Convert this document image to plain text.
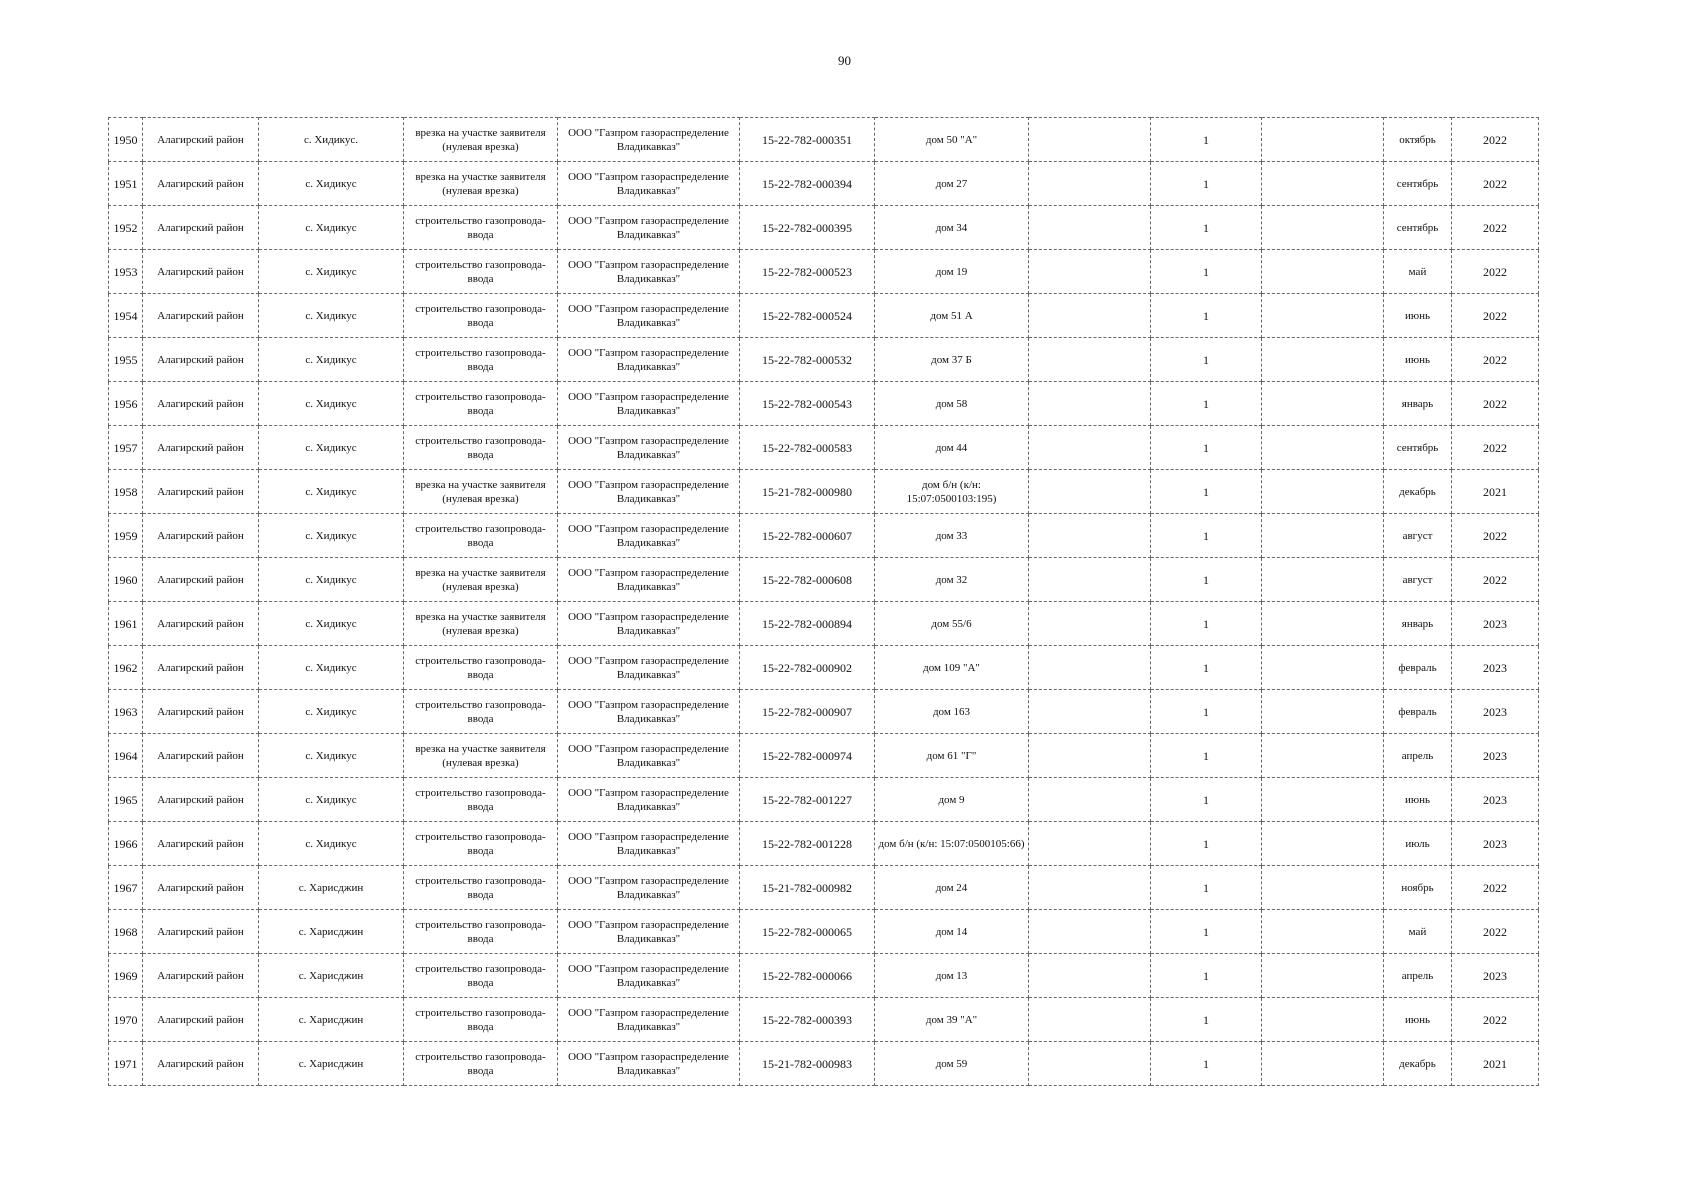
90
1950	Алагирский район	с. Хидикус.	врезка на участке заявителя (нулевая врезка)	ООО "Газпром газораспределение Владикавказ"	15-22-782-000351	дом 50 "А"		1		октябрь	2022
1951	Алагирский район	с. Хидикус	врезка на участке заявителя (нулевая врезка)	ООО "Газпром газораспределение Владикавказ"	15-22-782-000394	дом 27		1		сентябрь	2022
1952	Алагирский район	с. Хидикус	строительство газопровода-ввода	ООО "Газпром газораспределение Владикавказ"	15-22-782-000395	дом 34		1		сентябрь	2022
1953	Алагирский район	с. Хидикус	строительство газопровода-ввода	ООО "Газпром газораспределение Владикавказ"	15-22-782-000523	дом 19		1		май	2022
1954	Алагирский район	с. Хидикус	строительство газопровода-ввода	ООО "Газпром газораспределение Владикавказ"	15-22-782-000524	дом 51 А		1		июнь	2022
1955	Алагирский район	с. Хидикус	строительство газопровода-ввода	ООО "Газпром газораспределение Владикавказ"	15-22-782-000532	дом 37 Б		1		июнь	2022
1956	Алагирский район	с. Хидикус	строительство газопровода-ввода	ООО "Газпром газораспределение Владикавказ"	15-22-782-000543	дом 58		1		январь	2022
1957	Алагирский район	с. Хидикус	строительство газопровода-ввода	ООО "Газпром газораспределение Владикавказ"	15-22-782-000583	дом 44		1		сентябрь	2022
1958	Алагирский район	с. Хидикус	врезка на участке заявителя (нулевая врезка)	ООО "Газпром газораспределение Владикавказ"	15-21-782-000980	дом б/н (к/н: 15:07:0500103:195)		1		декабрь	2021
1959	Алагирский район	с. Хидикус	строительство газопровода-ввода	ООО "Газпром газораспределение Владикавказ"	15-22-782-000607	дом 33		1		август	2022
1960	Алагирский район	с. Хидикус	врезка на участке заявителя (нулевая врезка)	ООО "Газпром газораспределение Владикавказ"	15-22-782-000608	дом 32		1		август	2022
1961	Алагирский район	с. Хидикус	врезка на участке заявителя (нулевая врезка)	ООО "Газпром газораспределение Владикавказ"	15-22-782-000894	дом 55/6		1		январь	2023
1962	Алагирский район	с. Хидикус	строительство газопровода-ввода	ООО "Газпром газораспределение Владикавказ"	15-22-782-000902	дом 109 "А"		1		февраль	2023
1963	Алагирский район	с. Хидикус	строительство газопровода-ввода	ООО "Газпром газораспределение Владикавказ"	15-22-782-000907	дом 163		1		февраль	2023
1964	Алагирский район	с. Хидикус	врезка на участке заявителя (нулевая врезка)	ООО "Газпром газораспределение Владикавказ"	15-22-782-000974	дом 61 "Г"		1		апрель	2023
1965	Алагирский район	с. Хидикус	строительство газопровода-ввода	ООО "Газпром газораспределение Владикавказ"	15-22-782-001227	дом 9		1		июнь	2023
1966	Алагирский район	с. Хидикус	строительство газопровода-ввода	ООО "Газпром газораспределение Владикавказ"	15-22-782-001228	дом б/н (к/н: 15:07:0500105:66)		1		июль	2023
1967	Алагирский район	с. Харисджин	строительство газопровода-ввода	ООО "Газпром газораспределение Владикавказ"	15-21-782-000982	дом 24		1		ноябрь	2022
1968	Алагирский район	с. Харисджин	строительство газопровода-ввода	ООО "Газпром газораспределение Владикавказ"	15-22-782-000065	дом 14		1		май	2022
1969	Алагирский район	с. Харисджин	строительство газопровода-ввода	ООО "Газпром газораспределение Владикавказ"	15-22-782-000066	дом 13		1		апрель	2023
1970	Алагирский район	с. Харисджин	строительство газопровода-ввода	ООО "Газпром газораспределение Владикавказ"	15-22-782-000393	дом 39 "А"		1		июнь	2022
1971	Алагирский район	с. Харисджин	строительство газопровода-ввода	ООО "Газпром газораспределение Владикавказ"	15-21-782-000983	дом 59		1		декабрь	2021
